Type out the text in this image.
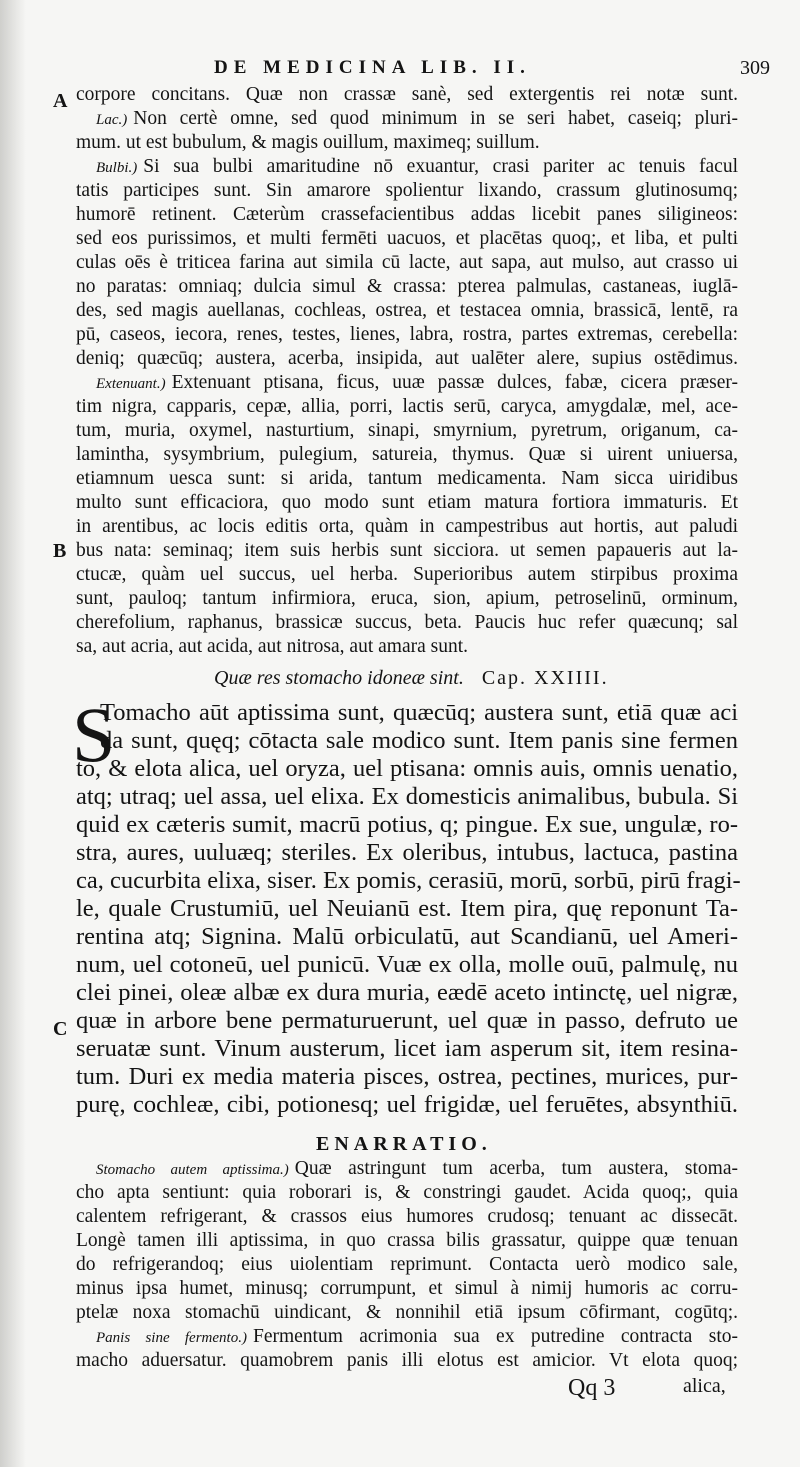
DE MEDICINA LIB. II.	309
A
B
C
corpore concitans. Quæ non crassæ sanè, sed extergentis rei notæ sunt.
Lac.) Non certè omne, sed quod minimum in se seri habet, caseiq; pluri-
mum. ut est bubulum, & magis ouillum, maximeq; suillum.
Bulbi.) Si sua bulbi amaritudine nō exuantur, crasi pariter ac tenuis facul
tatis participes sunt. Sin amarore spolientur lixando, crassum glutinosumq;
humorē retinent. Cæterùm crassefacientibus addas licebit panes siligineos:
sed eos purissimos, et multi fermēti uacuos, et placētas quoq;, et liba, et pulti
culas oēs è triticea farina aut simila cū lacte, aut sapa, aut mulso, aut crasso ui
no paratas: omniaq; dulcia simul & crassa: ptereа palmulas, castaneas, iuglā-
des, sed magis auellanas, cochleas, ostrea, et testacea omnia, brassicā, lentē, ra
pū, caseos, iecora, renes, testes, lienes, labra, rostra, partes extremas, cerebella:
deniq; quæcūq; austera, acerba, insipida, aut ualēter alere, supius ostēdimus.
Extenuant.) Extenuant ptisana, ficus, uuæ passæ dulces, fabæ, cicera præser-
tim nigra, capparis, cepæ, allia, porri, lactis serū, caryca, amygdalæ, mel, ace-
tum, muria, oxymel, nasturtium, sinapi, smyrnium, pyretrum, origanum, ca-
lamintha, sysymbrium, pulegium, satureia, thymus. Quæ si uirent uniuersa,
etiamnum uesca sunt: si arida, tantum medicamenta. Nam sicca uiridibus
multo sunt efficaciora, quo modo sunt etiam matura fortiora immaturis. Et
in arentibus, ac locis editis orta, quàm in campestribus aut hortis, aut paludi
bus nata: seminaq; item suis herbis sunt sicciora. ut semen papaueris aut la-
ctucæ, quàm uel succus, uel herba. Superioribus autem stirpibus proxima
sunt, pauloq; tantum infirmiora, eruca, sion, apium, petroselinū, orminum,
cherefolium, raphanus, brassicæ succus, beta. Paucis huc refer quæcunq; sal
sa, aut acria, aut acida, aut nitrosa, aut amara sunt.
Quæ res stomacho idoneæ sint. Cap. XXIIII.
S
Tomacho aūt aptissima sunt, quæcūq; austera sunt, etiā quæ aci
da sunt, quęq; cōtacta sale modico sunt. Item panis sine fermen
to, & elota alica, uel oryza, uel ptisana: omnis auis, omnis uenatio,
atq; utraq; uel assa, uel elixa. Ex domesticis animalibus, bubula. Si
quid ex cæteris sumit, macrū potius, q; pingue. Ex sue, ungulæ, ro-
stra, aures, uuluæq; steriles. Ex oleribus, intubus, lactuca, pastina
ca, cucurbita elixa, siser. Ex pomis, cerasiū, morū, sorbū, pirū fragi-
le, quale Crustumiū, uel Neuianū est. Item pira, quę reponunt Ta-
rentina atq; Signina. Malū orbiculatū, aut Scandianū, uel Ameri-
num, uel cotoneū, uel punicū. Vuæ ex olla, molle ouū, palmulę, nu
clei pinei, oleæ albæ ex dura muria, eædē aceto intinctę, uel nigræ,
quæ in arbore bene permaturuerunt, uel quæ in passo, defruto ue
seruatæ sunt. Vinum austerum, licet iam asperum sit, item resina-
tum. Duri ex media materia pisces, ostrea, pectines, murices, pur-
purę, cochleæ, cibi, potionesq; uel frigidæ, uel feruētes, absynthiū.
ENARRATIO.
Stomacho autem aptissima.) Quæ astringunt tum acerba, tum austera, stoma-
cho apta sentiunt: quia roborari is, & constringi gaudet. Acida quoq;, quia
calentem refrigerant, & crassos eius humores crudosq; tenuant ac dissecāt.
Longè tamen illi aptissima, in quo crassa bilis grassatur, quippe quæ tenuan
do refrigerandoq; eius uiolentiam reprimunt. Contacta uerò modico sale,
minus ipsa humet, minusq; corrumpunt, et simul à nimij humoris ac corru-
ptelæ noxa stomachū uindicant, & nonnihil etiā ipsum cōfirmant, cogūtq;.
Panis sine fermento.) Fermentum acrimonia sua ex putredine contracta sto-
macho aduersatur. quamobrem panis illi elotus est amicior. Vt elota quoq;
Qq 3	alica,
